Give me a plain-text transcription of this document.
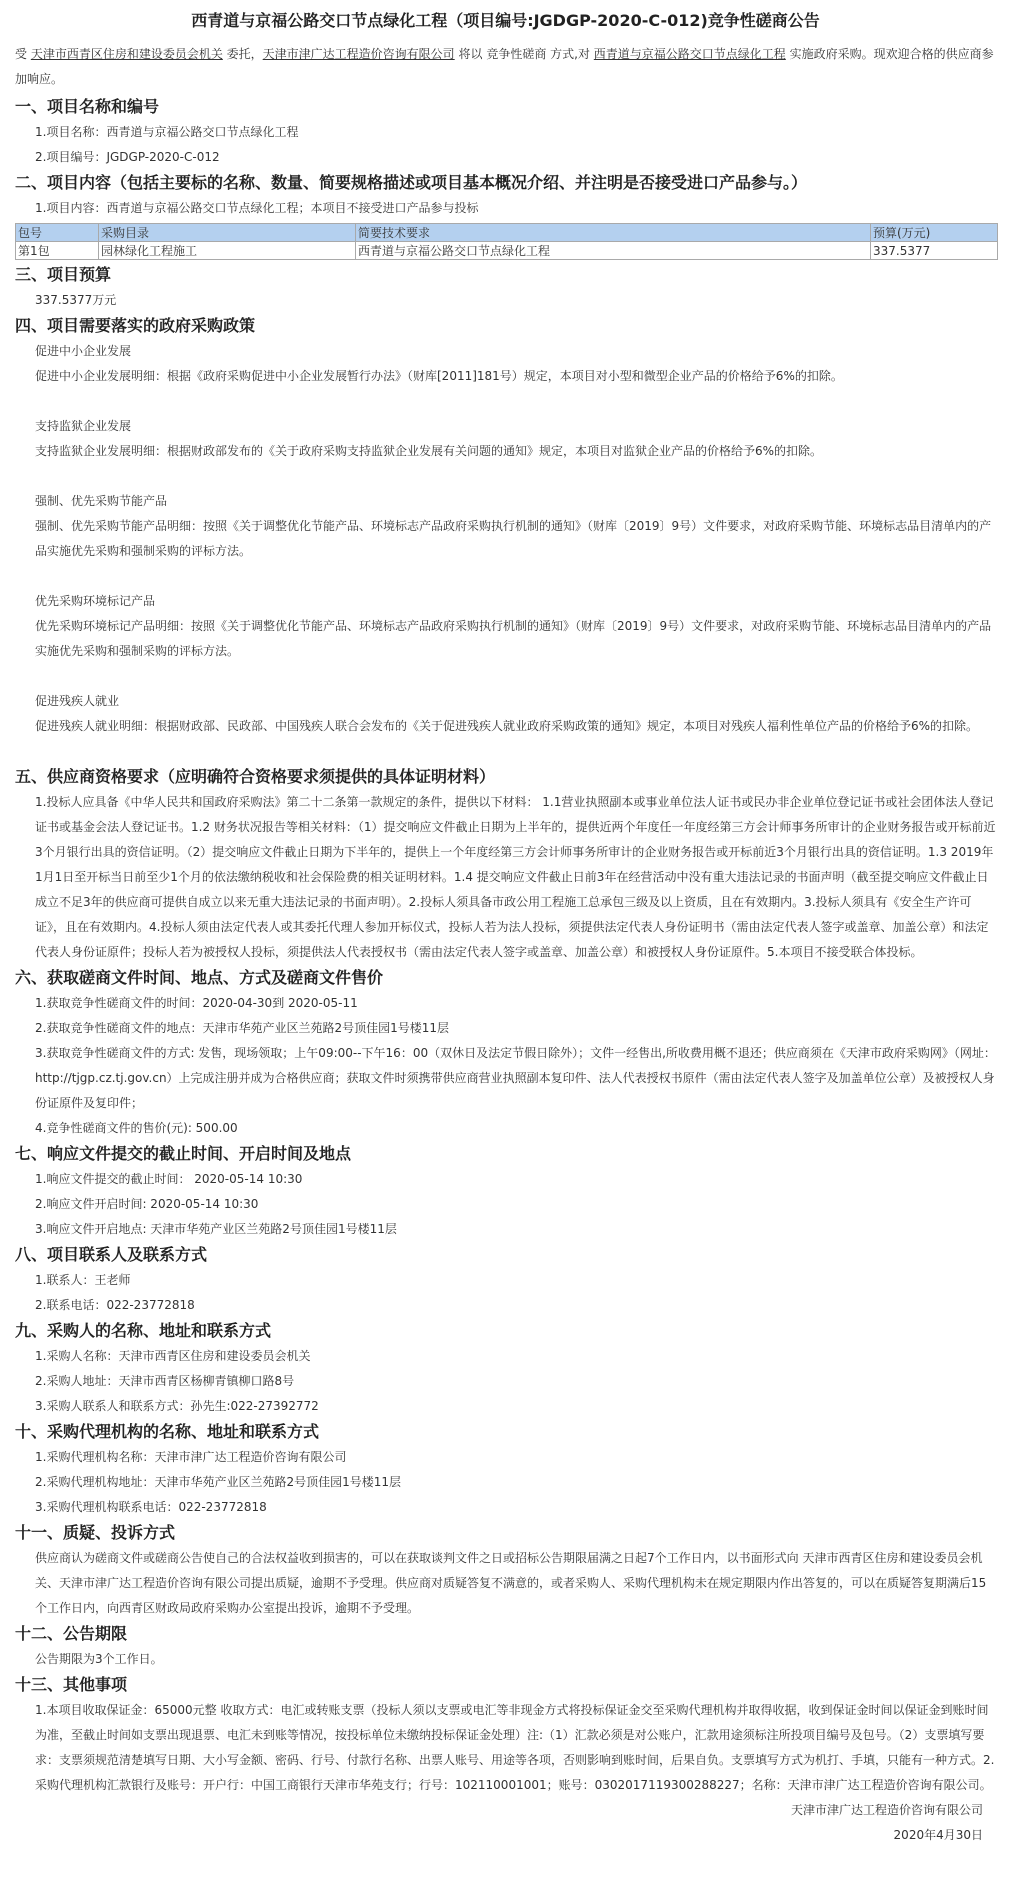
西青道与京福公路交口节点绿化工程（项目编号:JGDGP-2020-C-012)竞争性磋商公告

受 天津市西青区住房和建设委员会机关 委托，天津市津广达工程造价咨询有限公司 将以 竞争性磋商 方式,对 西青道与京福公路交口节点绿化工程 实施政府采购。现欢迎合格的供应商参加响应。

一、项目名称和编号

1.项目名称：西青道与京福公路交口节点绿化工程

2.项目编号：JGDGP-2020-C-012

二、项目内容（包括主要标的名称、数量、简要规格描述或项目基本概况介绍、并注明是否接受进口产品参与。）

1.项目内容：西青道与京福公路交口节点绿化工程；本项目不接受进口产品参与投标

包号	采购目录	简要技术要求	预算(万元)
第1包	园林绿化工程施工	西青道与京福公路交口节点绿化工程	337.5377
三、项目预算

337.5377万元

四、项目需要落实的政府采购政策

促进中小企业发展

促进中小企业发展明细：根据《政府采购促进中小企业发展暂行办法》（财库[2011]181号）规定，本项目对小型和微型企业产品的价格给予6%的扣除。

支持监狱企业发展

支持监狱企业发展明细：根据财政部发布的《关于政府采购支持监狱企业发展有关问题的通知》规定，本项目对监狱企业产品的价格给予6%的扣除。

强制、优先采购节能产品

强制、优先采购节能产品明细：按照《关于调整优化节能产品、环境标志产品政府采购执行机制的通知》（财库〔2019〕9号）文件要求，对政府采购节能、环境标志品目清单内的产品实施优先采购和强制采购的评标方法。

优先采购环境标记产品

优先采购环境标记产品明细：按照《关于调整优化节能产品、环境标志产品政府采购执行机制的通知》（财库〔2019〕9号）文件要求，对政府采购节能、环境标志品目清单内的产品实施优先采购和强制采购的评标方法。

促进残疾人就业

促进残疾人就业明细：根据财政部、民政部、中国残疾人联合会发布的《关于促进残疾人就业政府采购政策的通知》规定，本项目对残疾人福利性单位产品的价格给予6%的扣除。

五、供应商资格要求（应明确符合资格要求须提供的具体证明材料）

1.投标人应具备《中华人民共和国政府采购法》第二十二条第一款规定的条件，提供以下材料： 1.1营业执照副本或事业单位法人证书或民办非企业单位登记证书或社会团体法人登记证书或基金会法人登记证书。1.2 财务状况报告等相关材料：（1）提交响应文件截止日期为上半年的，提供近两个年度任一年度经第三方会计师事务所审计的企业财务报告或开标前近3个月银行出具的资信证明。（2）提交响应文件截止日期为下半年的，提供上一个年度经第三方会计师事务所审计的企业财务报告或开标前近3个月银行出具的资信证明。1.3 2019年1月1日至开标当日前至少1个月的依法缴纳税收和社会保险费的相关证明材料。1.4 提交响应文件截止日前3年在经营活动中没有重大违法记录的书面声明（截至提交响应文件截止日成立不足3年的供应商可提供自成立以来无重大违法记录的书面声明）。2.投标人须具备市政公用工程施工总承包三级及以上资质，且在有效期内。3.投标人须具有《安全生产许可证》，且在有效期内。4.投标人须由法定代表人或其委托代理人参加开标仪式，投标人若为法人投标，须提供法定代表人身份证明书（需由法定代表人签字或盖章、加盖公章）和法定代表人身份证原件；投标人若为被授权人投标，须提供法人代表授权书（需由法定代表人签字或盖章、加盖公章）和被授权人身份证原件。5.本项目不接受联合体投标。

六、获取磋商文件时间、地点、方式及磋商文件售价

1.获取竞争性磋商文件的时间：2020-04-30到 2020-05-11

2.获取竞争性磋商文件的地点：天津市华苑产业区兰苑路2号顶佳园1号楼11层

3.获取竞争性磋商文件的方式: 发售，现场领取；上午09:00--下午16：00（双休日及法定节假日除外）；文件一经售出,所收费用概不退还；供应商须在《天津市政府采购网》（网址：http://tjgp.cz.tj.gov.cn）上完成注册并成为合格供应商；获取文件时须携带供应商营业执照副本复印件、法人代表授权书原件（需由法定代表人签字及加盖单位公章）及被授权人身份证原件及复印件；

4.竞争性磋商文件的售价(元): 500.00

七、响应文件提交的截止时间、开启时间及地点

1.响应文件提交的截止时间： 2020-05-14 10:30

2.响应文件开启时间: 2020-05-14 10:30

3.响应文件开启地点: 天津市华苑产业区兰苑路2号顶佳园1号楼11层

八、项目联系人及联系方式

1.联系人：王老师

2.联系电话：022-23772818

九、采购人的名称、地址和联系方式

1.采购人名称：天津市西青区住房和建设委员会机关

2.采购人地址：天津市西青区杨柳青镇柳口路8号

3.采购人联系人和联系方式：孙先生:022-27392772

十、采购代理机构的名称、地址和联系方式

1.采购代理机构名称：天津市津广达工程造价咨询有限公司

2.采购代理机构地址：天津市华苑产业区兰苑路2号顶佳园1号楼11层

3.采购代理机构联系电话：022-23772818

十一、质疑、投诉方式

供应商认为磋商文件或磋商公告使自己的合法权益收到损害的，可以在获取谈判文件之日或招标公告期限届满之日起7个工作日内，以书面形式向 天津市西青区住房和建设委员会机关、天津市津广达工程造价咨询有限公司提出质疑，逾期不予受理。供应商对质疑答复不满意的，或者采购人、采购代理机构未在规定期限内作出答复的，可以在质疑答复期满后15个工作日内，向西青区财政局政府采购办公室提出投诉，逾期不予受理。

十二、公告期限

公告期限为3个工作日。

十三、其他事项

1.本项目收取保证金：65000元整 收取方式：电汇或转账支票（投标人须以支票或电汇等非现金方式将投标保证金交至采购代理机构并取得收据，收到保证金时间以保证金到账时间为准，至截止时间如支票出现退票、电汇未到账等情况，按投标单位未缴纳投标保证金处理）注:（1）汇款必须是对公账户，汇款用途须标注所投项目编号及包号。（2）支票填写要求：支票须规范清楚填写日期、大小写金额、密码、行号、付款行名称、出票人账号、用途等各项，否则影响到账时间，后果自负。支票填写方式为机打、手填，只能有一种方式。2.采购代理机构汇款银行及账号：开户行：中国工商银行天津市华苑支行；行号：102110001001；账号：0302017119300288227；名称：天津市津广达工程造价咨询有限公司。

天津市津广达工程造价咨询有限公司
2020年4月30日
